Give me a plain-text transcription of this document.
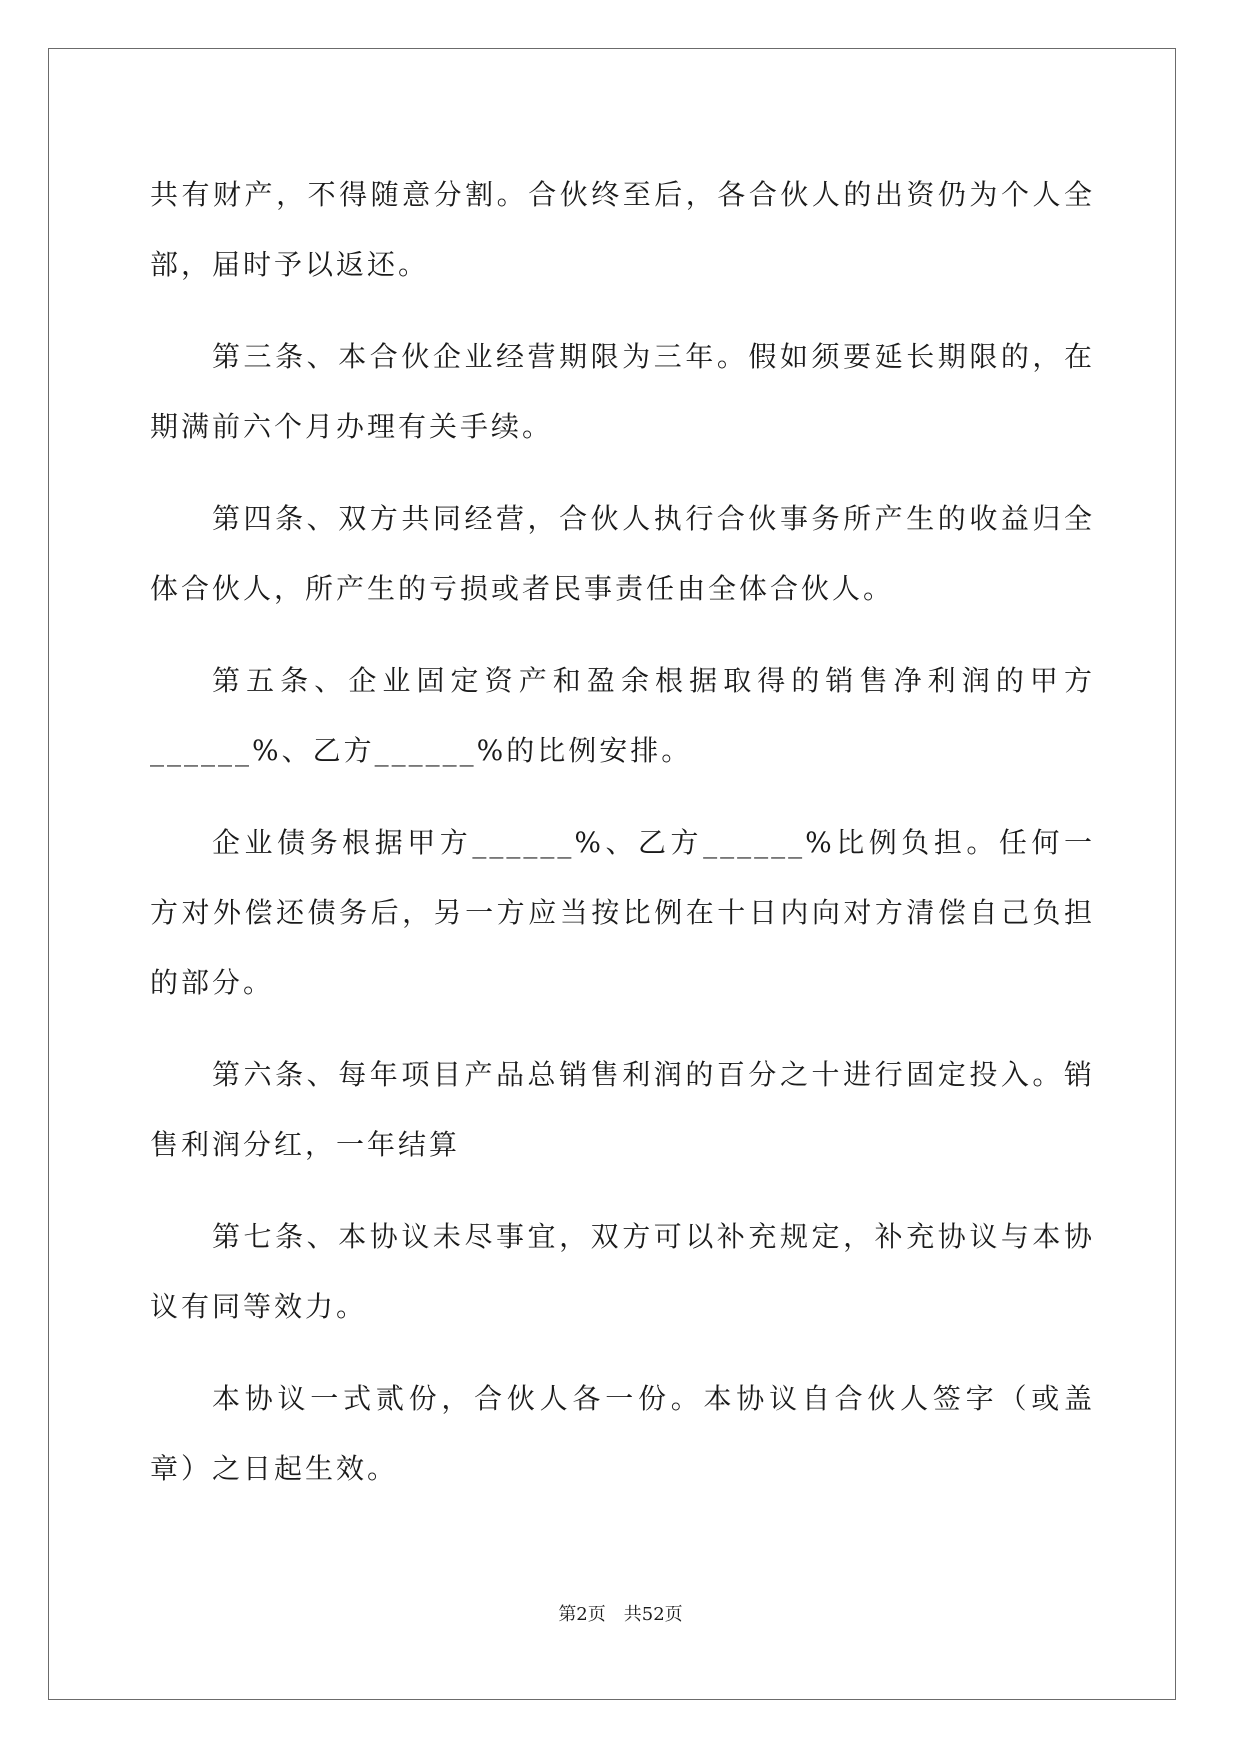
共有财产，不得随意分割。合伙终至后，各合伙人的出资仍为个人全部，届时予以返还。

第三条、本合伙企业经营期限为三年。假如须要延长期限的，在期满前六个月办理有关手续。

第四条、双方共同经营，合伙人执行合伙事务所产生的收益归全体合伙人，所产生的亏损或者民事责任由全体合伙人。

第五条、企业固定资产和盈余根据取得的销售净利润的甲方______%、乙方______%的比例安排。

企业债务根据甲方______%、乙方______%比例负担。任何一方对外偿还债务后，另一方应当按比例在十日内向对方清偿自己负担的部分。

第六条、每年项目产品总销售利润的百分之十进行固定投入。销售利润分红，一年结算

第七条、本协议未尽事宜，双方可以补充规定，补充协议与本协议有同等效力。

本协议一式贰份，合伙人各一份。本协议自合伙人签字（或盖章）之日起生效。

第2页 共52页
